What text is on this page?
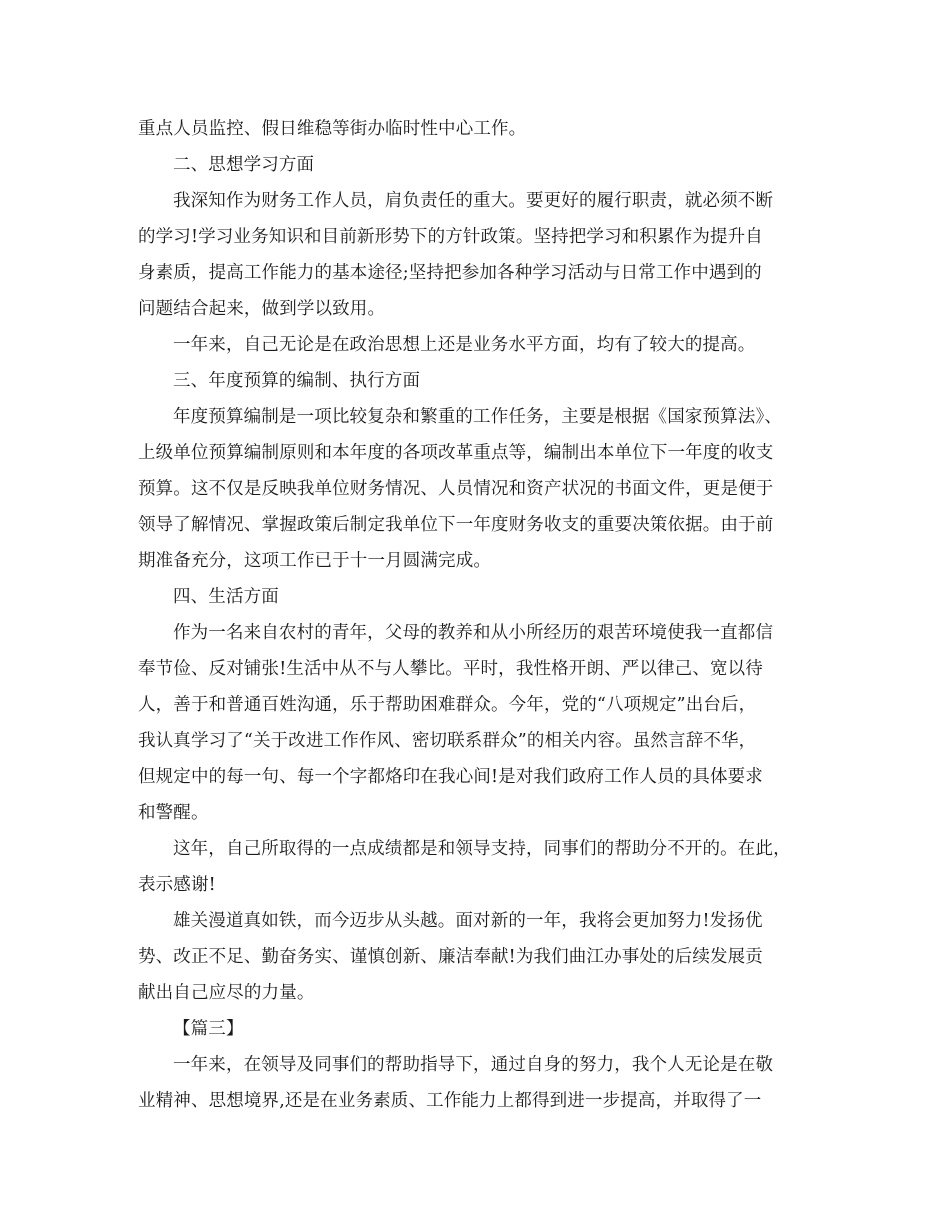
重点人员监控、假日维稳等街办临时性中心工作。
二、思想学习方面
我深知作为财务工作人员，肩负责任的重大。要更好的履行职责，就必须不断
的学习!学习业务知识和目前新形势下的方针政策。坚持把学习和积累作为提升自
身素质，提高工作能力的基本途径;坚持把参加各种学习活动与日常工作中遇到的
问题结合起来，做到学以致用。
一年来，自己无论是在政治思想上还是业务水平方面，均有了较大的提高。
三、年度预算的编制、执行方面
年度预算编制是一项比较复杂和繁重的工作任务，主要是根据《国家预算法》、
上级单位预算编制原则和本年度的各项改革重点等，编制出本单位下一年度的收支
预算。这不仅是反映我单位财务情况、人员情况和资产状况的书面文件，更是便于
领导了解情况、掌握政策后制定我单位下一年度财务收支的重要决策依据。由于前
期准备充分，这项工作已于十一月圆满完成。
四、生活方面
作为一名来自农村的青年，父母的教养和从小所经历的艰苦环境使我一直都信
奉节俭、反对铺张!生活中从不与人攀比。平时，我性格开朗、严以律己、宽以待
人，善于和普通百姓沟通，乐于帮助困难群众。今年，党的“八项规定”出台后，
我认真学习了“关于改进工作作风、密切联系群众”的相关内容。虽然言辞不华，
但规定中的每一句、每一个字都烙印在我心间!是对我们政府工作人员的具体要求
和警醒。
这年，自己所取得的一点成绩都是和领导支持，同事们的帮助分不开的。在此，
表示感谢!
雄关漫道真如铁，而今迈步从头越。面对新的一年，我将会更加努力!发扬优
势、改正不足、勤奋务实、谨慎创新、廉洁奉献!为我们曲江办事处的后续发展贡
献出自己应尽的力量。
【篇三】
一年来，在领导及同事们的帮助指导下，通过自身的努力，我个人无论是在敬
业精神、思想境界,还是在业务素质、工作能力上都得到进一步提高，并取得了一
